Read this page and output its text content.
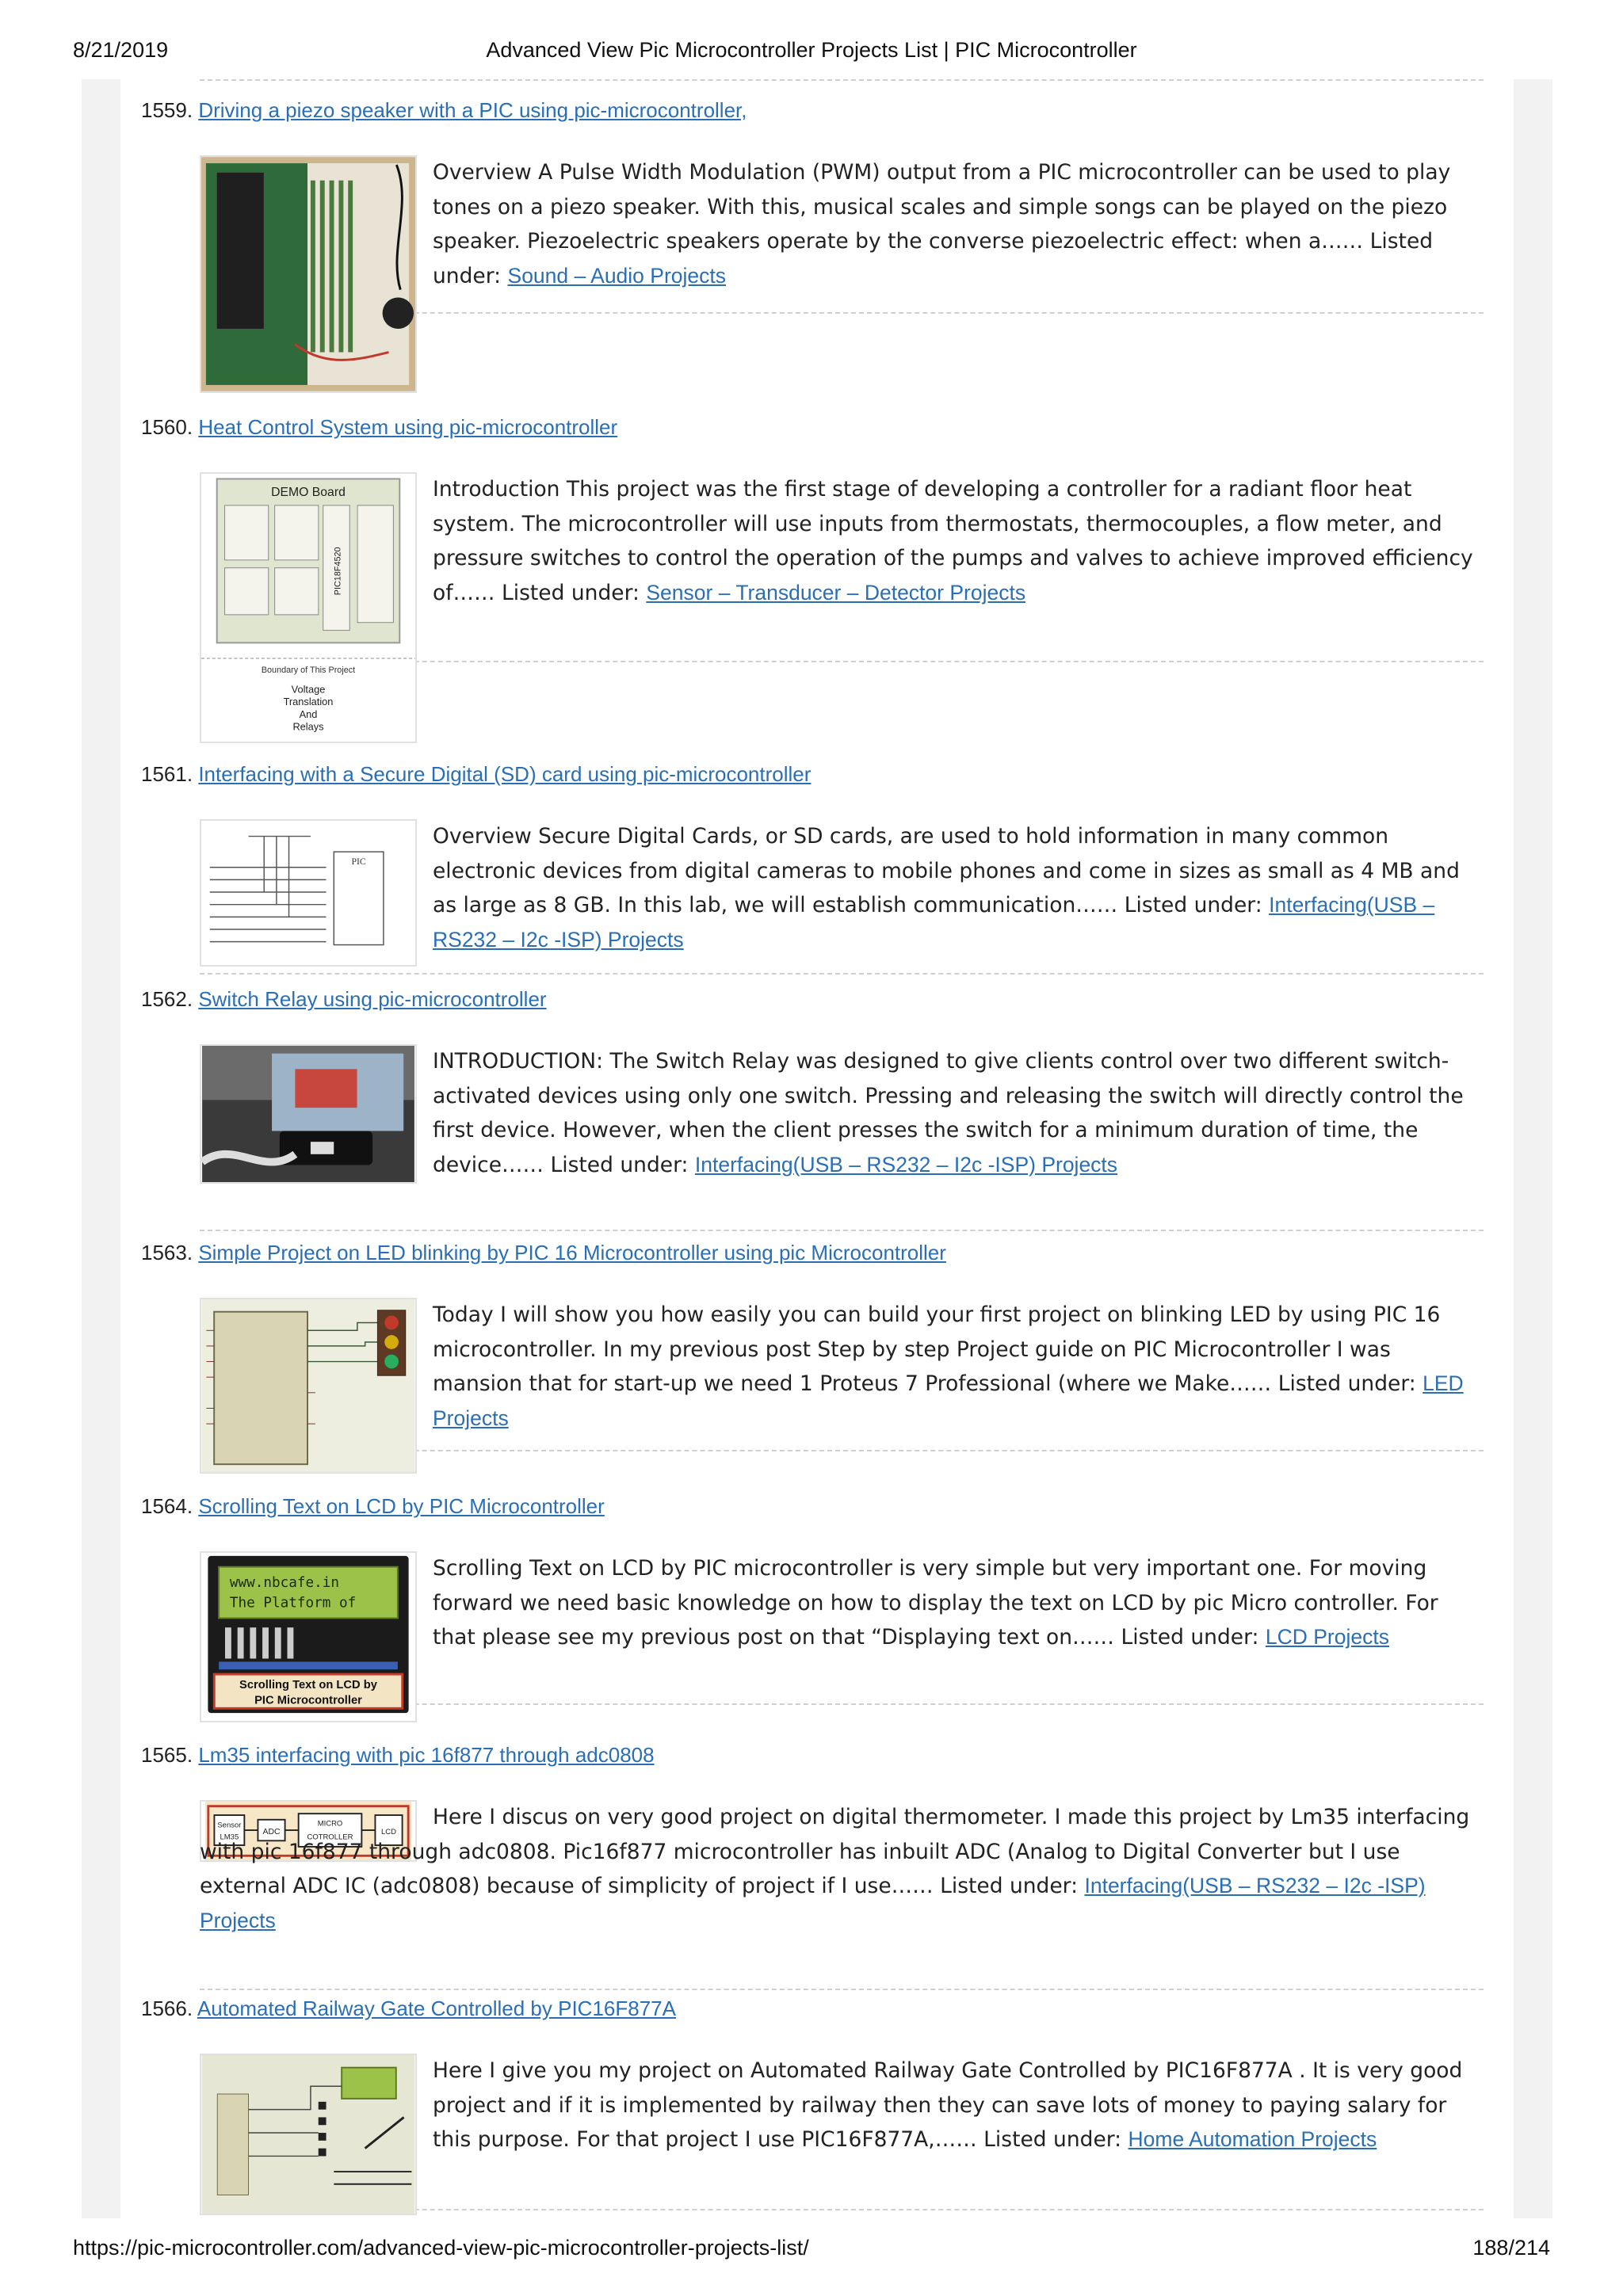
8/21/2019	Advanced View Pic Microcontroller Projects List | PIC Microcontroller
1559. Driving a piezo speaker with a PIC using pic-microcontroller,
Overview A Pulse Width Modulation (PWM) output from a PIC microcontroller can be used to play tones on a piezo speaker. With this, musical scales and simple songs can be played on the piezo speaker. Piezoelectric speakers operate by the converse piezoelectric effect: when a…… Listed under: Sound – Audio Projects
1560. Heat Control System using pic-microcontroller
DEMO Board
PIC18F4520
Boundary of This Project
Voltage
Translation
And
Relays
Introduction This project was the first stage of developing a controller for a radiant floor heat system. The microcontroller will use inputs from thermostats, thermocouples, a flow meter, and pressure switches to control the operation of the pumps and valves to achieve improved efficiency of…… Listed under: Sensor – Transducer – Detector Projects
1561. Interfacing with a Secure Digital (SD) card using pic-microcontroller
PIC
Overview Secure Digital Cards, or SD cards, are used to hold information in many common electronic devices from digital cameras to mobile phones and come in sizes as small as 4 MB and as large as 8 GB. In this lab, we will establish communication…… Listed under: Interfacing(USB – RS232 – I2c -ISP) Projects
1562. Switch Relay using pic-microcontroller
INTRODUCTION: The Switch Relay was designed to give clients control over two different switch-activated devices using only one switch. Pressing and releasing the switch will directly control the first device. However, when the client presses the switch for a minimum duration of time, the device…… Listed under: Interfacing(USB – RS232 – I2c -ISP) Projects
1563. Simple Project on LED blinking by PIC 16 Microcontroller using pic Microcontroller
Today I will show you how easily you can build your first project on blinking LED by using PIC 16 microcontroller. In my previous post Step by step Project guide on PIC Microcontroller I was mansion that for start-up we need 1 Proteus 7 Professional (where we Make…… Listed under: LED Projects
1564. Scrolling Text on LCD by PIC Microcontroller
www.nbcafe.in
The Platform of
Scrolling Text on LCD by
PIC Microcontroller
Scrolling Text on LCD by PIC microcontroller is very simple but very important one. For moving forward we need basic knowledge on how to display the text on LCD by pic Micro controller. For that please see my previous post on that “Displaying text on…… Listed under: LCD Projects
1565. Lm35 interfacing with pic 16f877 through adc0808
Sensor
LM35
ADC
MICRO
COTROLLER
LCD
Here I discus on very good project on digital thermometer. I made this project by Lm35 interfacing with pic 16f877 through adc0808. Pic16f877 microcontroller has inbuilt ADC (Analog to Digital Converter but I use external ADC IC (adc0808) because of simplicity of project if I use…… Listed under: Interfacing(USB – RS232 – I2c -ISP) Projects
1566. Automated Railway Gate Controlled by PIC16F877A
Here I give you my project on Automated Railway Gate Controlled by PIC16F877A . It is very good project and if it is implemented by railway then they can save lots of money to paying salary for this purpose. For that project I use PIC16F877A,…… Listed under: Home Automation Projects
https://pic-microcontroller.com/advanced-view-pic-microcontroller-projects-list/	188/214
